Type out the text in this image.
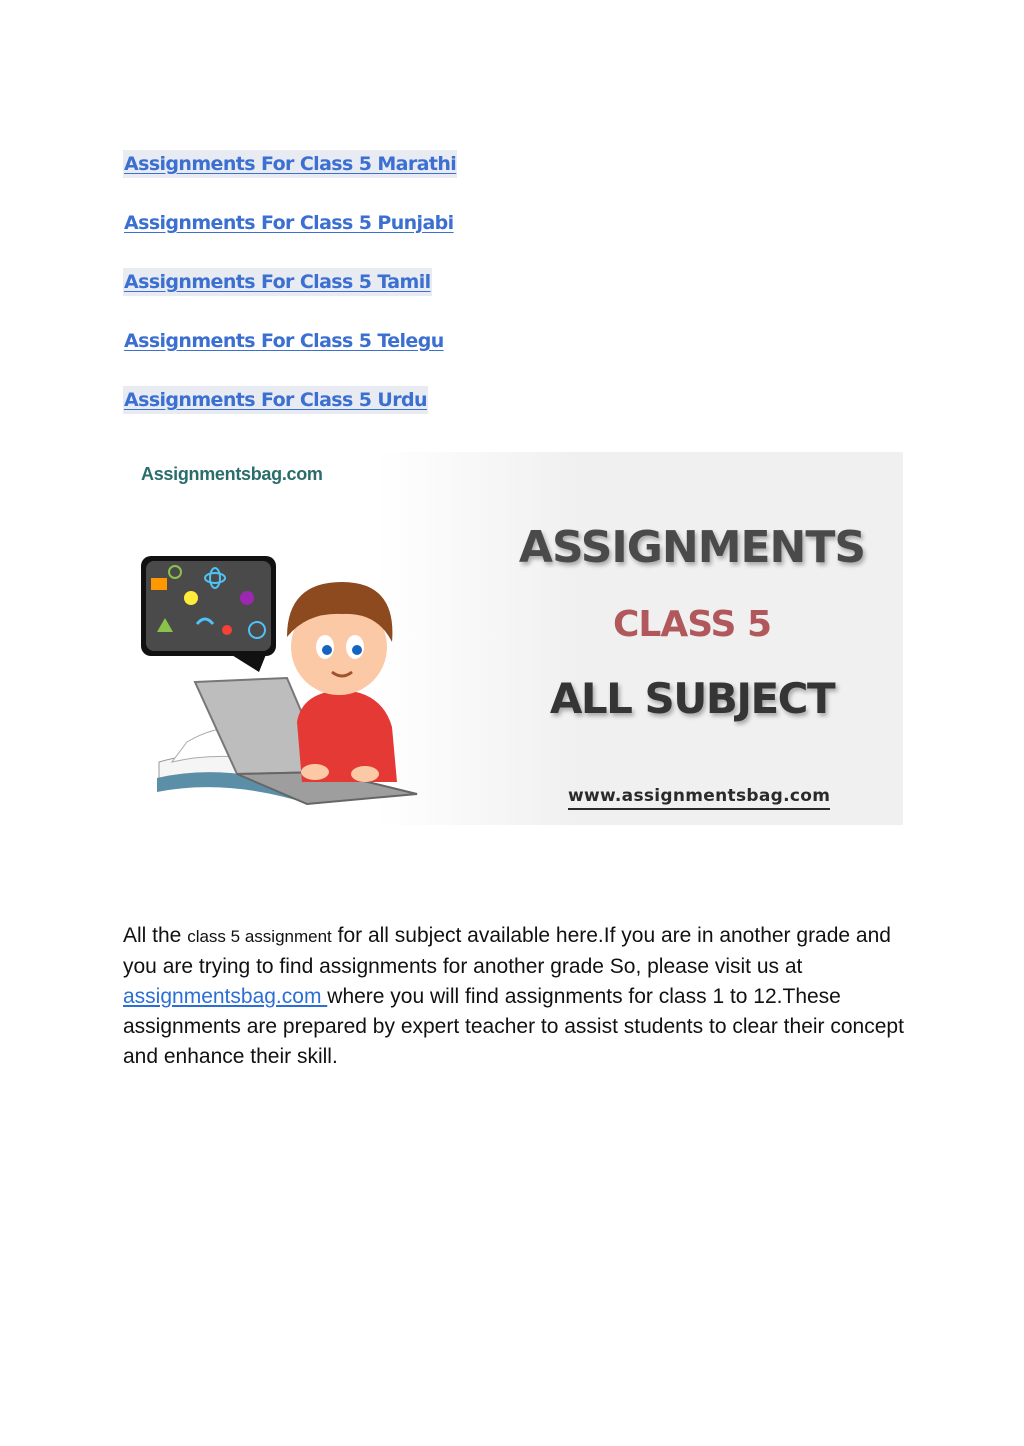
Assignments For Class 5 Marathi
Assignments For Class 5 Punjabi
Assignments For Class 5 Tamil
Assignments For Class 5 Telegu
Assignments For Class 5 Urdu
Assignmentsbag.com
ASSIGNMENTS
CLASS 5
ALL SUBJECT
www.assignmentsbag.com
All the class 5 assignment for all subject available here.If you are in another grade and you are trying to find assignments for another grade So, please visit us at assignmentsbag.com where you will find assignments for class 1 to 12.These assignments are prepared by expert teacher to assist students to clear their concept and enhance their skill.
